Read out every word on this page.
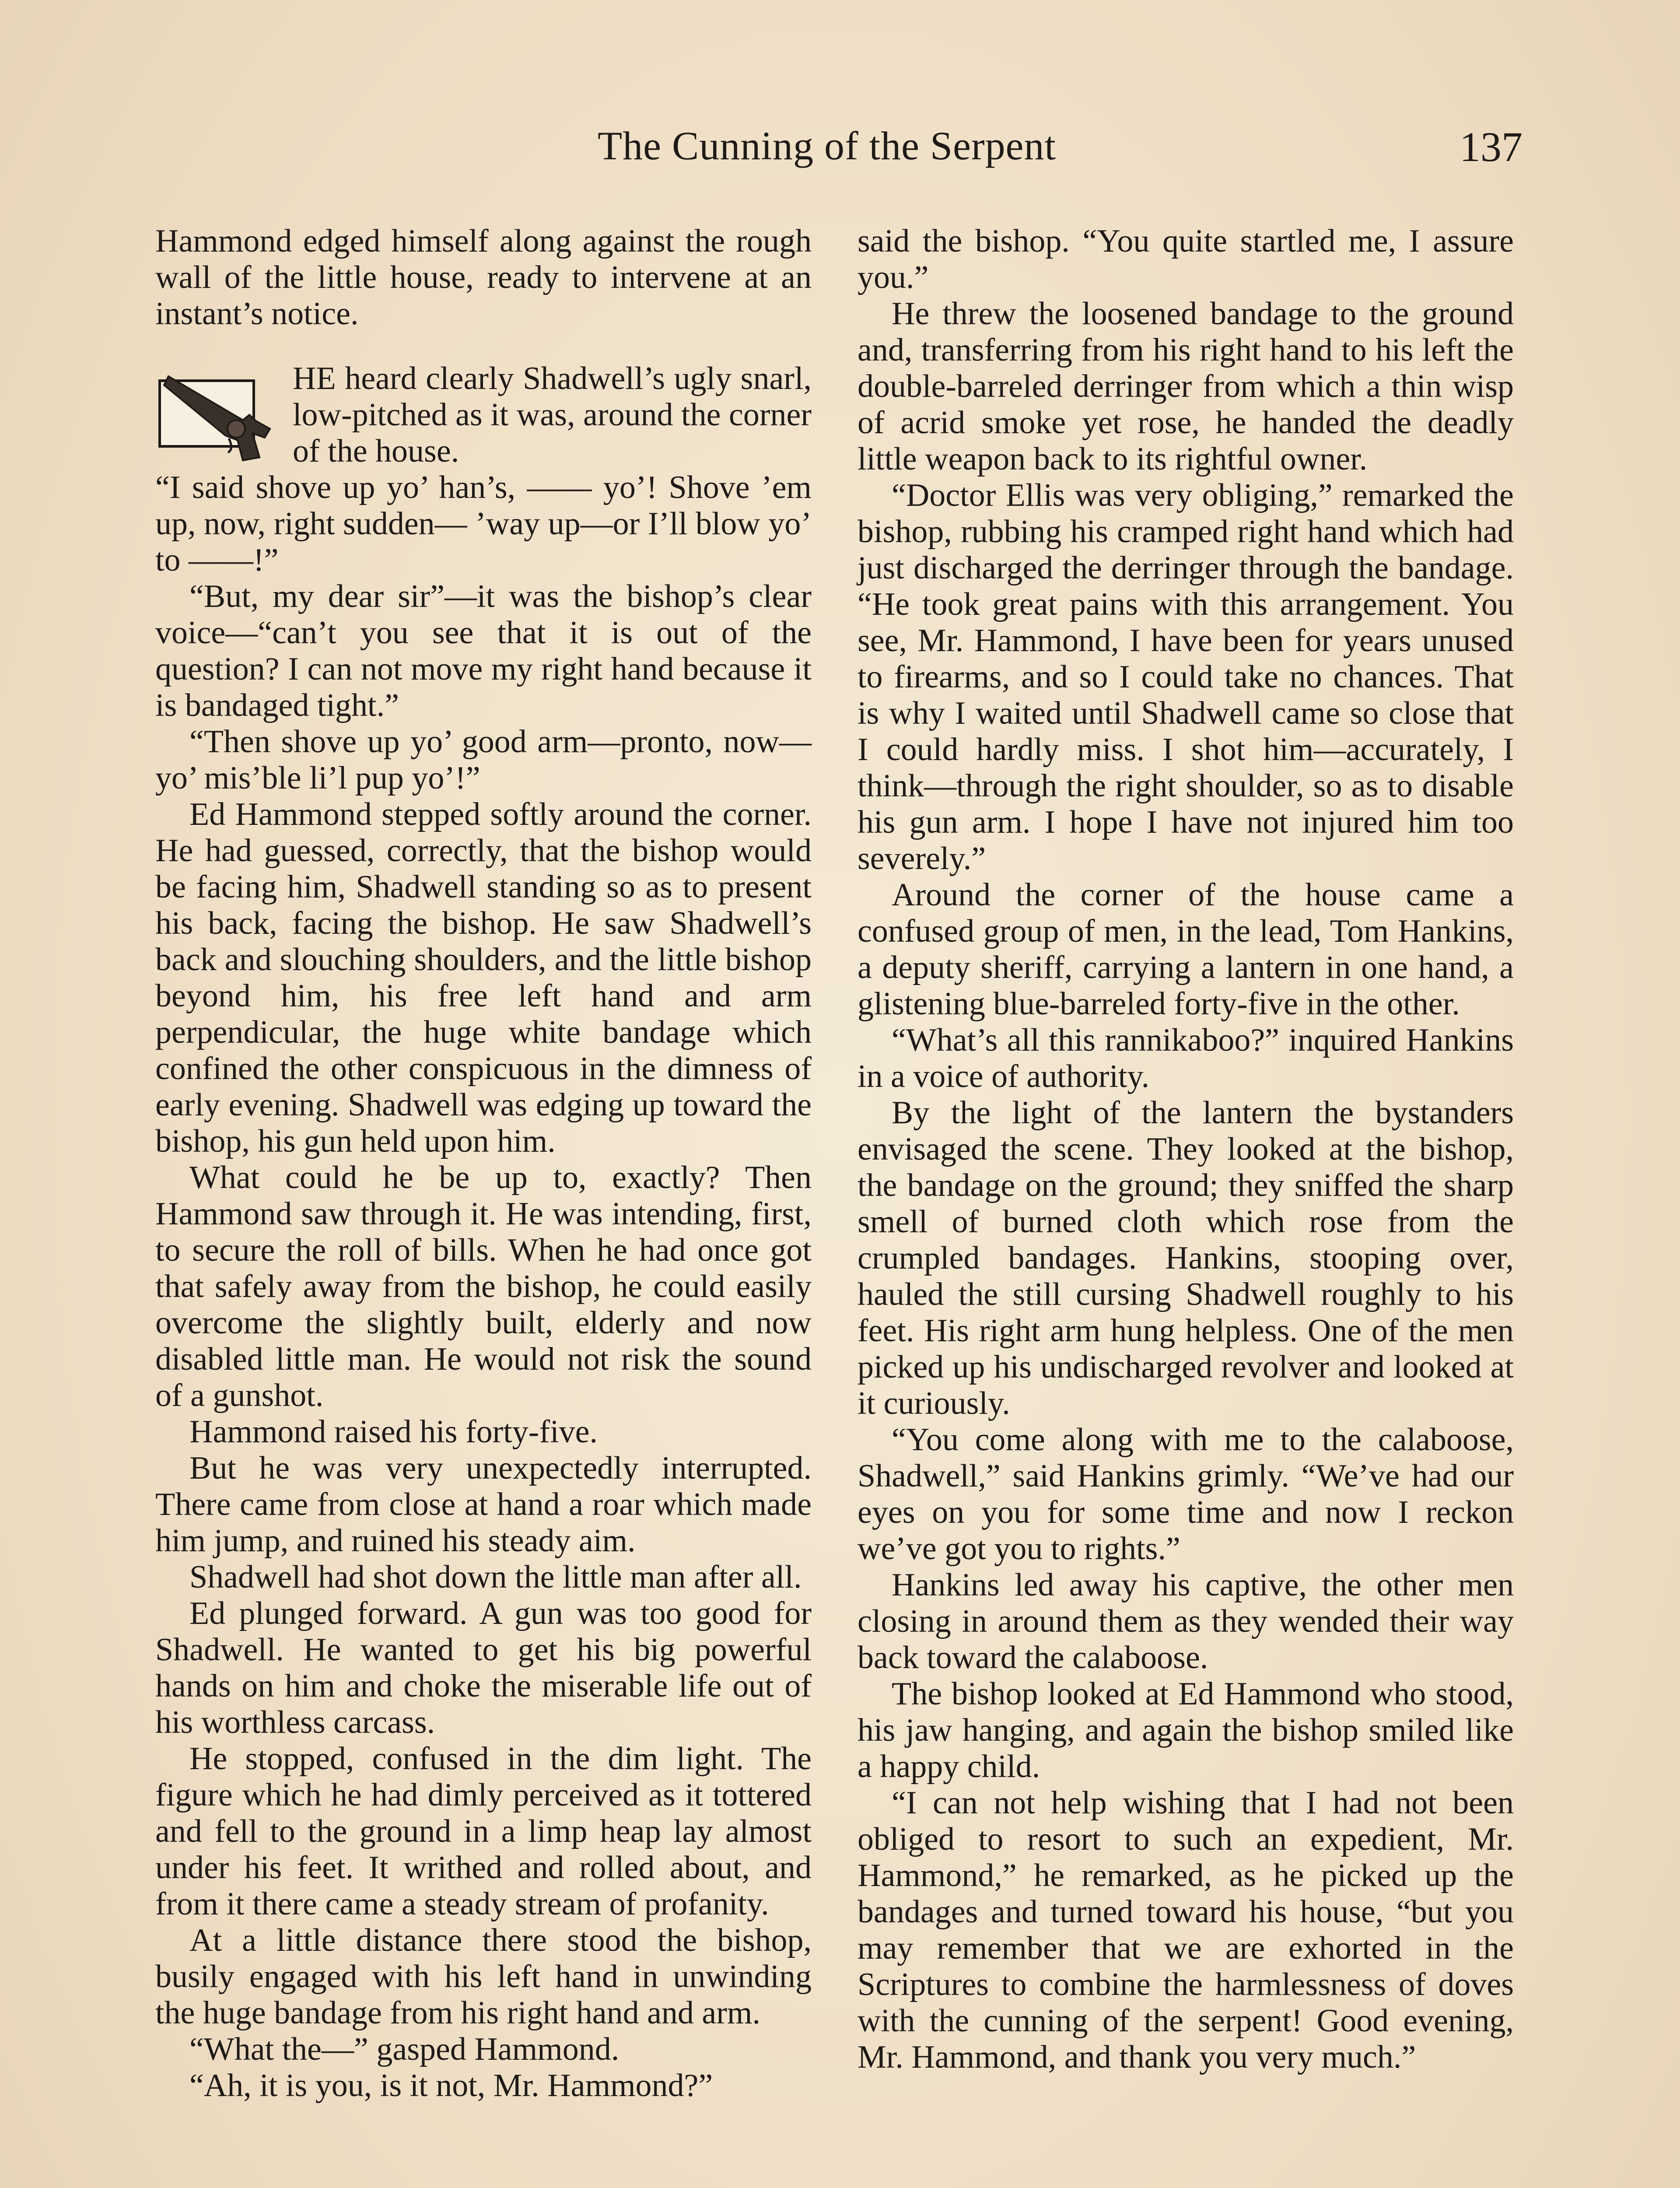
The Cunning of the Serpent	137

Hammond edged himself along against the rough wall of the little house, ready to intervene at an instant’s notice.

HE heard clearly Shadwell’s ugly snarl, low-pitched as it was, around the corner of the house.

“I said shove up yo’ han’s, —— yo’! Shove ’em up, now, right sudden— ’way up—or I’ll blow yo’ to ——!”

“But, my dear sir”—it was the bishop’s clear voice—“can’t you see that it is out of the question? I can not move my right hand because it is bandaged tight.”

“Then shove up yo’ good arm—pronto, now—yo’ mis’ble li’l pup yo’!”

Ed Hammond stepped softly around the corner. He had guessed, correctly, that the bishop would be facing him, Shadwell standing so as to present his back, facing the bishop. He saw Shadwell’s back and slouching shoulders, and the little bishop beyond him, his free left hand and arm perpendicular, the huge white bandage which confined the other conspicuous in the dimness of early evening. Shadwell was edging up toward the bishop, his gun held upon him.

What could he be up to, exactly? Then Hammond saw through it. He was intending, first, to secure the roll of bills. When he had once got that safely away from the bishop, he could easily overcome the slightly built, elderly and now disabled little man. He would not risk the sound of a gunshot.

Hammond raised his forty-five.

But he was very unexpectedly interrupted. There came from close at hand a roar which made him jump, and ruined his steady aim.

Shadwell had shot down the little man after all.

Ed plunged forward. A gun was too good for Shadwell. He wanted to get his big powerful hands on him and choke the miserable life out of his worthless carcass.

He stopped, confused in the dim light. The figure which he had dimly perceived as it tottered and fell to the ground in a limp heap lay almost under his feet. It writhed and rolled about, and from it there came a steady stream of profanity.

At a little distance there stood the bishop, busily engaged with his left hand in unwinding the huge bandage from his right hand and arm.

“What the—” gasped Hammond.

“Ah, it is you, is it not, Mr. Hammond?”

said the bishop. “You quite startled me, I assure you.”

He threw the loosened bandage to the ground and, transferring from his right hand to his left the double-barreled derringer from which a thin wisp of acrid smoke yet rose, he handed the deadly little weapon back to its rightful owner.

“Doctor Ellis was very obliging,” remarked the bishop, rubbing his cramped right hand which had just discharged the derringer through the bandage. “He took great pains with this arrangement. You see, Mr. Hammond, I have been for years unused to firearms, and so I could take no chances. That is why I waited until Shadwell came so close that I could hardly miss. I shot him—accurately, I think—through the right shoulder, so as to disable his gun arm. I hope I have not injured him too severely.”

Around the corner of the house came a confused group of men, in the lead, Tom Hankins, a deputy sheriff, carrying a lantern in one hand, a glistening blue-barreled forty-five in the other.

“What’s all this rannikaboo?” inquired Hankins in a voice of authority.

By the light of the lantern the bystanders envisaged the scene. They looked at the bishop, the bandage on the ground; they sniffed the sharp smell of burned cloth which rose from the crumpled bandages. Hankins, stooping over, hauled the still cursing Shadwell roughly to his feet. His right arm hung helpless. One of the men picked up his undischarged revolver and looked at it curiously.

“You come along with me to the calaboose, Shadwell,” said Hankins grimly. “We’ve had our eyes on you for some time and now I reckon we’ve got you to rights.”

Hankins led away his captive, the other men closing in around them as they wended their way back toward the calaboose.

The bishop looked at Ed Hammond who stood, his jaw hanging, and again the bishop smiled like a happy child.

“I can not help wishing that I had not been obliged to resort to such an expedient, Mr. Hammond,” he remarked, as he picked up the bandages and turned toward his house, “but you may remember that we are exhorted in the Scriptures to combine the harmlessness of doves with the cunning of the serpent! Good evening, Mr. Hammond, and thank you very much.”
